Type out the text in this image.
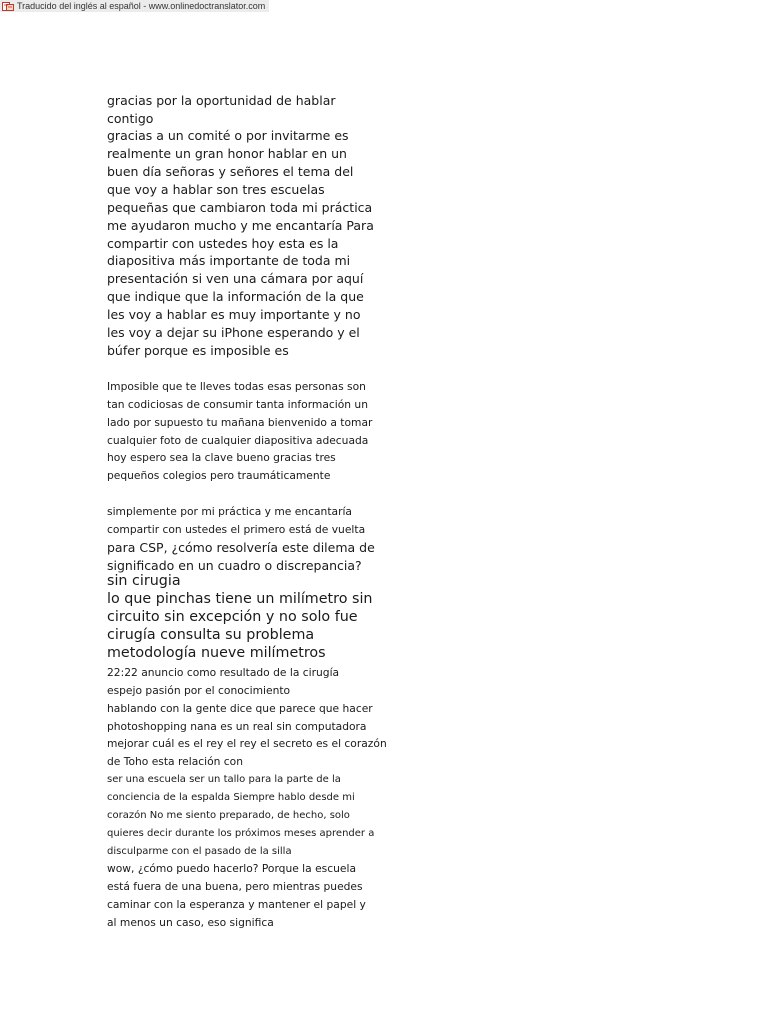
Traducido del inglés al español - www.onlinedoctranslator.com
gracias por la oportunidad de hablar
contigo
gracias a un comité o por invitarme es
realmente un gran honor hablar en un
buen día señoras y señores el tema del
que voy a hablar son tres escuelas
pequeñas que cambiaron toda mi práctica
me ayudaron mucho y me encantaría Para
compartir con ustedes hoy esta es la
diapositiva más importante de toda mi
presentación si ven una cámara por aquí
que indique que la información de la que
les voy a hablar es muy importante y no
les voy a dejar su iPhone esperando y el
búfer porque es imposible es
Imposible que te lleves todas esas personas son
tan codiciosas de consumir tanta información un
lado por supuesto tu mañana bienvenido a tomar
cualquier foto de cualquier diapositiva adecuada
hoy espero sea la clave bueno gracias tres
pequeños colegios pero traumáticamente
simplemente por mi práctica y me encantaría
compartir con ustedes el primero está de vuelta
para CSP, ¿cómo resolvería este dilema de
significado en un cuadro o discrepancia?
sin cirugia
lo que pinchas tiene un milímetro sin
circuito sin excepción y no solo fue
cirugía consulta su problema
metodología nueve milímetros
22:22 anuncio como resultado de la cirugía
espejo pasión por el conocimiento
hablando con la gente dice que parece que hacer
photoshopping nana es un real sin computadora
mejorar cuál es el rey el rey el secreto es el corazón
de Toho esta relación con
ser una escuela ser un tallo para la parte de la
conciencia de la espalda Siempre hablo desde mi
corazón No me siento preparado, de hecho, solo
quieres decir durante los próximos meses aprender a
disculparme con el pasado de la silla
wow, ¿cómo puedo hacerlo? Porque la escuela
está fuera de una buena, pero mientras puedes
caminar con la esperanza y mantener el papel y
al menos un caso, eso significa
